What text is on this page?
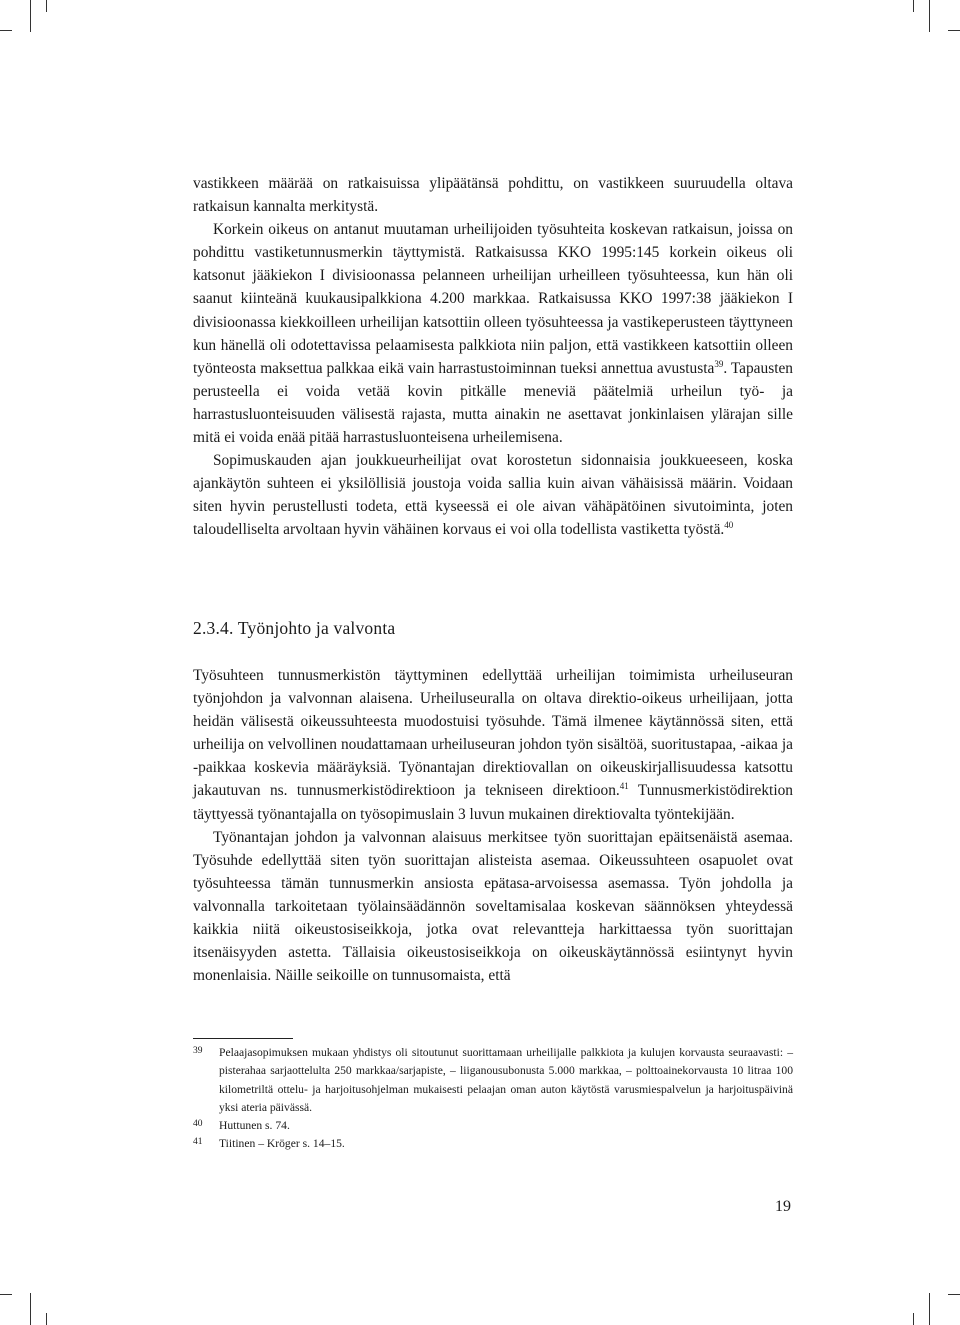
vastikkeen määrää on ratkaisuissa ylipäätänsä pohdittu, on vastikkeen suuruudella oltava ratkaisun kannalta merkitystä.

Korkein oikeus on antanut muutaman urheilijoiden työsuhteita koskevan ratkaisun, joissa on pohdittu vastiketunnusmerkin täyttymistä. Ratkaisussa KKO 1995:145 korkein oikeus oli katsonut jääkiekon I divisioonassa pelanneen urheilijan urheilleen työsuhteessa, kun hän oli saanut kiinteänä kuukausipalkkiona 4.200 markkaa. Ratkaisussa KKO 1997:38 jääkiekon I divisioonassa kiekkoilleen urheilijan katsottiin olleen työsuhteessa ja vastikeperusteen täyttyneen kun hänellä oli odotettavissa pelaamisesta palkkiota niin paljon, että vastikkeen katsottiin olleen työnteosta maksettua palkkaa eikä vain harrastustoiminnan tueksi annettua avustusta$^{39}$. Tapausten perusteella ei voida vetää kovin pitkälle meneviä päätelmiä urheilun työ- ja harrastusluonteisuuden välisestä rajasta, mutta ainakin ne asettavat jonkinlaisen ylärajan sille mitä ei voida enää pitää harrastusluonteisena urheilemisena.

Sopimuskauden ajan joukkueurheilijat ovat korostetun sidonnaisia joukkueeseen, koska ajankäytön suhteen ei yksilöllisiä joustoja voida sallia kuin aivan vähäisissä määrin. Voidaan siten hyvin perustellusti todeta, että kyseessä ei ole aivan vähäpätöinen sivutoiminta, joten taloudelliselta arvoltaan hyvin vähäinen korvaus ei voi olla todellista vastiketta työstä.$^{40}$

2.3.4. Työnjohto ja valvonta

Työsuhteen tunnusmerkistön täyttyminen edellyttää urheilijan toimimista urheiluseuran työnjohdon ja valvonnan alaisena. Urheiluseuralla on oltava direktio-oikeus urheilijaan, jotta heidän välisestä oikeussuhteesta muodostuisi työsuhde. Tämä ilmenee käytännössä siten, että urheilija on velvollinen noudattamaan urheiluseuran johdon työn sisältöä, suoritustapaa, -aikaa ja -paikkaa koskevia määräyksiä. Työnantajan direktiovallan on oikeuskirjallisuudessa katsottu jakautuvan ns. tunnusmerkistödirektioon ja tekniseen direktioon.$^{41}$ Tunnusmerkistödirektion täyttyessä työnantajalla on työsopimuslain 3 luvun mukainen direktiovalta työntekijään.

Työnantajan johdon ja valvonnan alaisuus merkitsee työn suorittajan epäitsenäistä asemaa. Työsuhde edellyttää siten työn suorittajan alisteista asemaa. Oikeussuhteen osapuolet ovat työsuhteessa tämän tunnusmerkin ansiosta epätasa-arvoisessa asemassa. Työn johdolla ja valvonnalla tarkoitetaan työlainsäädännön soveltamisalaa koskevan säännöksen yhteydessä kaikkia niitä oikeustosiseikkoja, jotka ovat relevantteja harkittaessa työn suorittajan itsenäisyyden astetta. Tällaisia oikeustosiseikkoja on oikeuskäytännössä esiintynyt hyvin monenlaisia. Näille seikoille on tunnusomaista, että

39	Pelaajasopimuksen mukaan yhdistys oli sitoutunut suorittamaan urheilijalle palkkiota ja kulujen korvausta seuraavasti: – pisterahaa sarjaottelulta 250 markkaa/sarjapiste, – liiganousubonusta 5.000 markkaa, – polttoainekorvausta 10 litraa 100 kilometriltä ottelu- ja harjoitusohjelman mukaisesti pelaajan oman auton käytöstä varusmiespalvelun ja harjoituspäivinä yksi ateria päivässä.
40	Huttunen s. 74.
41	Tiitinen – Kröger s. 14–15.
19
